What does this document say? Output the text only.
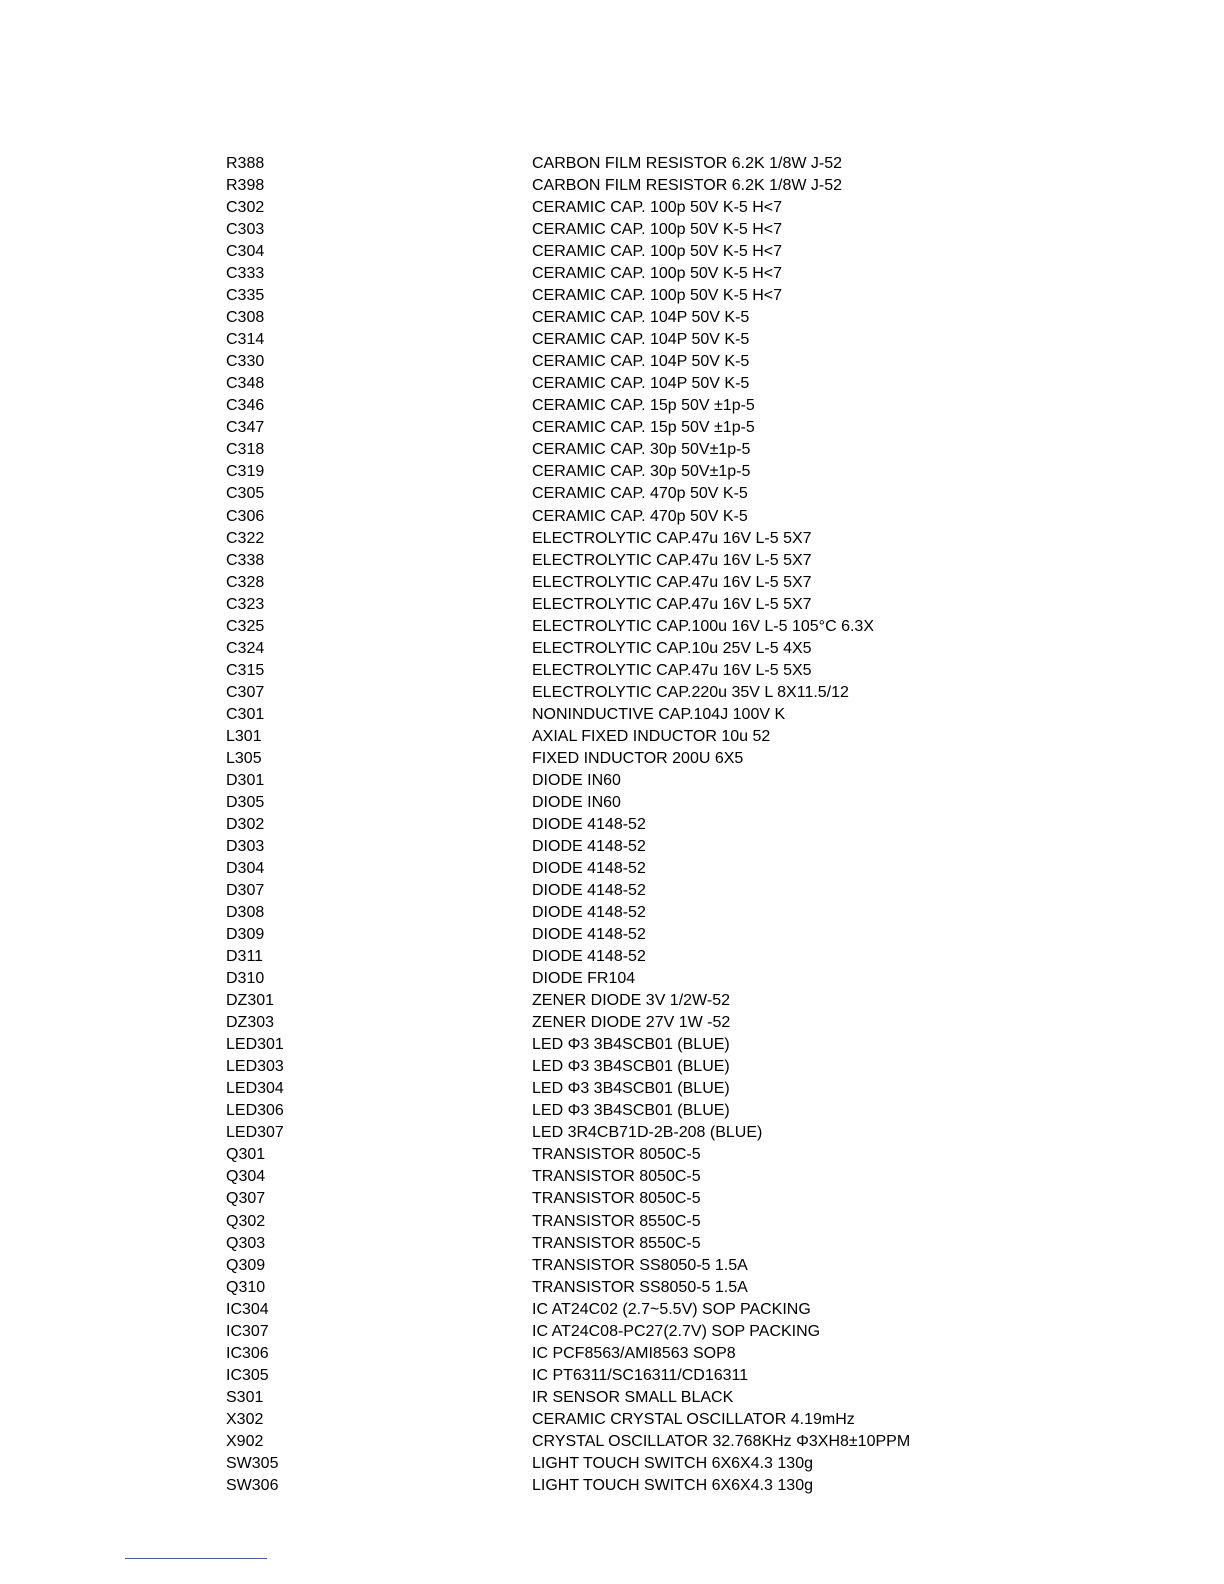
R388	CARBON FILM RESISTOR 6.2K 1/8W J-52
R398	CARBON FILM RESISTOR 6.2K 1/8W J-52
C302	CERAMIC CAP. 100p 50V K-5 H<7
C303	CERAMIC CAP. 100p 50V K-5 H<7
C304	CERAMIC CAP. 100p 50V K-5 H<7
C333	CERAMIC CAP. 100p 50V K-5 H<7
C335	CERAMIC CAP. 100p 50V K-5 H<7
C308	CERAMIC CAP. 104P 50V K-5
C314	CERAMIC CAP. 104P 50V K-5
C330	CERAMIC CAP. 104P 50V K-5
C348	CERAMIC CAP. 104P 50V K-5
C346	CERAMIC CAP. 15p 50V ±1p-5
C347	CERAMIC CAP. 15p 50V ±1p-5
C318	CERAMIC CAP. 30p 50V±1p-5
C319	CERAMIC CAP. 30p 50V±1p-5
C305	CERAMIC CAP. 470p 50V K-5
C306	CERAMIC CAP. 470p 50V K-5
C322	ELECTROLYTIC CAP.47u 16V L-5 5X7
C338	ELECTROLYTIC CAP.47u 16V L-5 5X7
C328	ELECTROLYTIC CAP.47u 16V L-5 5X7
C323	ELECTROLYTIC CAP.47u 16V L-5 5X7
C325	ELECTROLYTIC CAP.100u 16V L-5 105°C 6.3X
C324	ELECTROLYTIC CAP.10u 25V L-5 4X5
C315	ELECTROLYTIC CAP.47u 16V L-5 5X5
C307	ELECTROLYTIC CAP.220u 35V L 8X11.5/12
C301	NONINDUCTIVE CAP.104J 100V K
L301	AXIAL FIXED INDUCTOR 10u 52
L305	FIXED INDUCTOR 200U 6X5
D301	DIODE IN60
D305	DIODE IN60
D302	DIODE 4148-52
D303	DIODE 4148-52
D304	DIODE 4148-52
D307	DIODE 4148-52
D308	DIODE 4148-52
D309	DIODE 4148-52
D311	DIODE 4148-52
D310	DIODE FR104
DZ301	ZENER DIODE 3V 1/2W-52
DZ303	ZENER DIODE 27V 1W -52
LED301	LED Φ3 3B4SCB01 (BLUE)
LED303	LED Φ3 3B4SCB01 (BLUE)
LED304	LED Φ3 3B4SCB01 (BLUE)
LED306	LED Φ3 3B4SCB01 (BLUE)
LED307	LED 3R4CB71D-2B-208 (BLUE)
Q301	TRANSISTOR 8050C-5
Q304	TRANSISTOR 8050C-5
Q307	TRANSISTOR 8050C-5
Q302	TRANSISTOR 8550C-5
Q303	TRANSISTOR 8550C-5
Q309	TRANSISTOR SS8050-5 1.5A
Q310	TRANSISTOR SS8050-5 1.5A
IC304	IC AT24C02 (2.7~5.5V) SOP PACKING
IC307	IC AT24C08-PC27(2.7V) SOP PACKING
IC306	IC PCF8563/AMI8563 SOP8
IC305	IC PT6311/SC16311/CD16311
S301	IR SENSOR SMALL BLACK
X302	CERAMIC CRYSTAL OSCILLATOR 4.19mHz
X902	CRYSTAL OSCILLATOR 32.768KHz Φ3XH8±10PPM
SW305	LIGHT TOUCH SWITCH 6X6X4.3 130g
SW306	LIGHT TOUCH SWITCH 6X6X4.3 130g
